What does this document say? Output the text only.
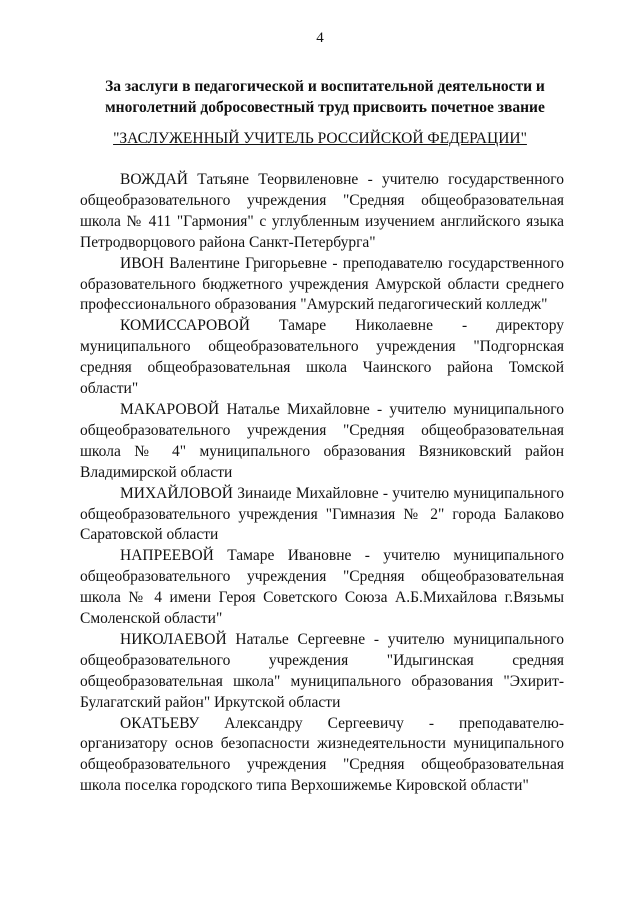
4
За заслуги в педагогической и воспитательной деятельности и многолетний добросовестный труд присвоить почетное звание
"ЗАСЛУЖЕННЫЙ УЧИТЕЛЬ РОССИЙСКОЙ ФЕДЕРАЦИИ"

ВОЖДАЙ Татьяне Теорвиленовне - учителю государственного общеобразовательного учреждения "Средняя общеобразовательная школа № 411 "Гармония" с углубленным изучением английского языка Петродворцового района Санкт-Петербурга"

ИВОН Валентине Григорьевне - преподавателю государственного образовательного бюджетного учреждения Амурской области среднего профессионального образования "Амурский педагогический колледж"

КОМИССАРОВОЙ Тамаре Николаевне - директору муниципального общеобразовательного учреждения "Подгорнская средняя общеобразовательная школа Чаинского района Томской области"

МАКАРОВОЙ Наталье Михайловне - учителю муниципального общеобразовательного учреждения "Средняя общеобразовательная школа № 4" муниципального образования Вязниковский район Владимирской области

МИХАЙЛОВОЙ Зинаиде Михайловне - учителю муниципального общеобразовательного учреждения "Гимназия № 2" города Балаково Саратовской области

НАПРЕЕВОЙ Тамаре Ивановне - учителю муниципального общеобразовательного учреждения "Средняя общеобразовательная школа № 4 имени Героя Советского Союза А.Б.Михайлова г.Вязьмы Смоленской области"

НИКОЛАЕВОЙ Наталье Сергеевне - учителю муниципального общеобразовательного учреждения "Идыгинская средняя общеобразовательная школа" муниципального образования "Эхирит-Булагатский район" Иркутской области

ОКАТЬЕВУ Александру Сергеевичу - преподавателю-организатору основ безопасности жизнедеятельности муниципального общеобразовательного учреждения "Средняя общеобразовательная школа поселка городского типа Верхошижемье Кировской области"
